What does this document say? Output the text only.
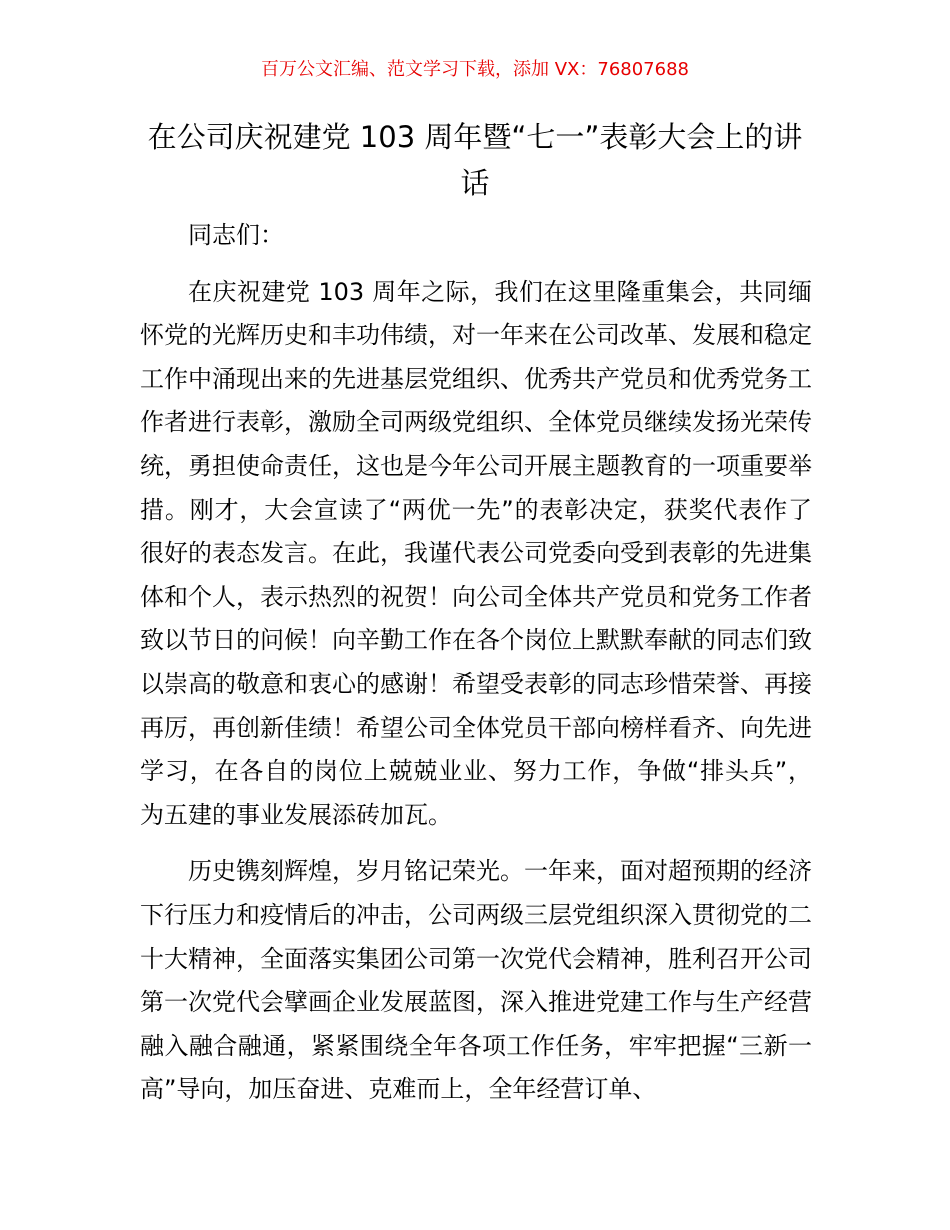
百万公文汇编、范文学习下载，添加 VX：76807688
在公司庆祝建党 103 周年暨“七一”表彰大会上的讲话

同志们：

在庆祝建党 103 周年之际，我们在这里隆重集会，共同缅怀党的光辉历史和丰功伟绩，对一年来在公司改革、发展和稳定工作中涌现出来的先进基层党组织、优秀共产党员和优秀党务工作者进行表彰，激励全司两级党组织、全体党员继续发扬光荣传统，勇担使命责任，这也是今年公司开展主题教育的一项重要举措。刚才，大会宣读了“两优一先”的表彰决定，获奖代表作了很好的表态发言。在此，我谨代表公司党委向受到表彰的先进集体和个人，表示热烈的祝贺！向公司全体共产党员和党务工作者致以节日的问候！向辛勤工作在各个岗位上默默奉献的同志们致以崇高的敬意和衷心的感谢！希望受表彰的同志珍惜荣誉、再接再厉，再创新佳绩！希望公司全体党员干部向榜样看齐、向先进学习，在各自的岗位上兢兢业业、努力工作，争做“排头兵”，为五建的事业发展添砖加瓦。

历史镌刻辉煌，岁月铭记荣光。一年来，面对超预期的经济下行压力和疫情后的冲击，公司两级三层党组织深入贯彻党的二十大精神，全面落实集团公司第一次党代会精神，胜利召开公司第一次党代会擘画企业发展蓝图，深入推进党建工作与生产经营融入融合融通，紧紧围绕全年各项工作任务，牢牢把握“三新一高”导向，加压奋进、克难而上，全年经营订单、
